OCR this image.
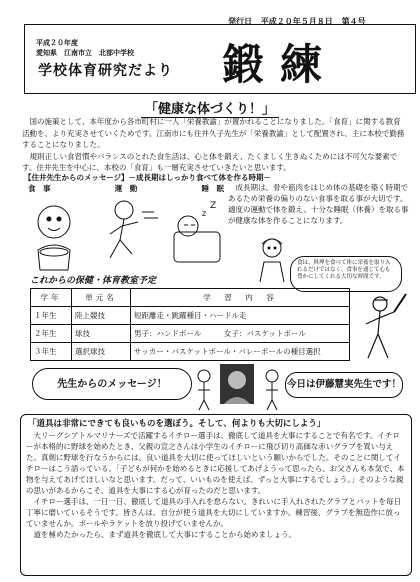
発行日 平成２０年５月８日 第４号
平成２０年度
愛知県　江南市立　北部中学校
学校体育研究だより 鍛練
「健康な体づくり！」

国の施策として、本年度から各市町村に一人「栄養教諭」が置かれることになりました。「食育」に関する教育活動を、より充実させていくためです。江南市にも住井久子先生が「栄養教諭」として配置され、主に本校で勤務することになりました。

規則正しい食習慣やバランスのとれた食生活は、心と体を鍛え、たくましく生きぬくためには不可欠な要素です。住井先生を中心に、本校の「食育」も一層充実させていきたいと思います。

【住井先生からのメッセージ】－成長期はしっかり食べて体を作る時期－
食　事	運　動	睡　眠
z
Z
成長期は、骨や筋肉をはじめ体の基礎を築く時期であるため栄養の偏りのない食事を取る事が大切です。適度の運動で体を鍛え、十分な睡眠（休養）を取る事が健康な体を作ることになります。
食は、料理を食べて体に栄養を取り入れるだけではなく、食事を通じて心も豊かにしてくれる大切な時間です。
これからの保健・体育教室予定
学年	単元名	学　習　内　容
１年生	陸上競技	短距離走・跳躍種目・ハードル走
２年生	球技	男子：ハンドボール　　　女子：バスケットボール
３年生	選択球技	サッカー・バスケットボール・バレーボールの種目選択
先生からのメッセージ！	今日は伊藤慧実先生です！
「道具は非常にできても良いものを選ぼう。そして、何よりも大切にしよう」

大リーグシアトルマリナーズで活躍するイチロー選手は、徹底して道具を大事にすることで有名です。イチローが本格的に野球を始めたとき、父親の宣之さんは小学生のイチローに飛び切り高価な赤いグラブを買い与えた。真剣に野球を行なうからには、良い道具を大切に使ってほしいという願いからでした。そのことに関してイチローはこう語っている。「子どもが何かを始めるときに応援してあげようって思ったら、お父さんも本気で、本物を与えてあげてほしいなと思います。だって、いいものを使えば、ずっと大事にするでしょう。」そのような親の思いがあるからこそ、道具を大事にする心が育ったのだと思います。

イチロー選手は、一日一日、徹底して道具の手入れを怠らない。きれいに手入れされたグラブとバットを毎日丁寧に磨いているそうです。皆さんは、自分が使う道具を大切にしていますか。練習後、グラブを無造作に放っていませんか。ボールやラケットを放り投げていませんか。

道を極めたかったら、まず道具を徹底して大事にすることから始めましょう。
